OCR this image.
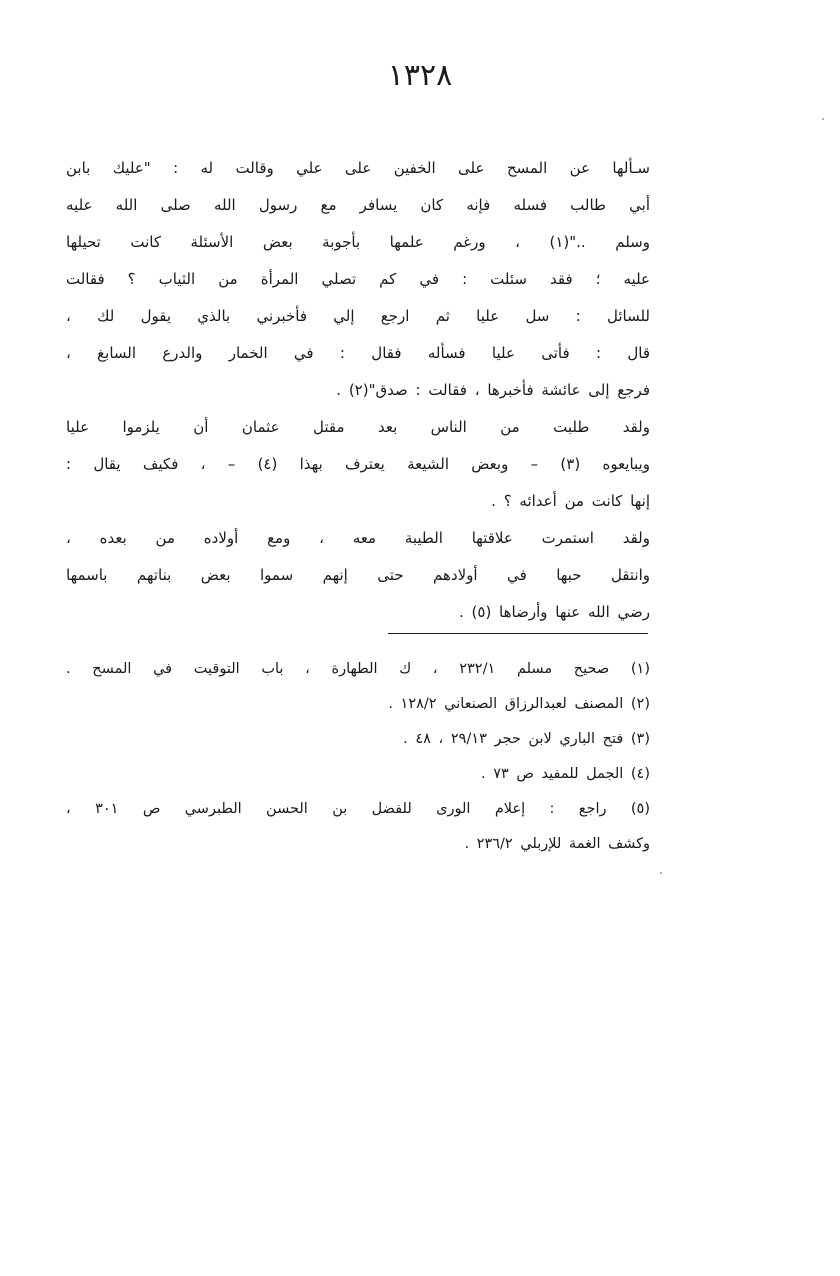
١٣٢٨
سـألها عن المسح على الخفين على علي وقالت له : "عليك بابن
أبي طالب فسله فإنه كان يسافر مع رسول الله صلى الله عليه
وسلم .."(١) ، ورغم علمها بأجوبة بعض الأسئلة كانت تحيلها
عليه ؛ فقد سئلت : في كم تصلي المرأة من الثياب ؟ فقالت
للسائل : سل عليا ثم ارجع إلي فأخبرني بالذي يقول لك ،
قال : فأتى عليا فسأله فقال : في الخمار والدرع السابغ ،
فرجع إلى عائشة فأخبرها ، فقالت : صدق"(٢) .
ولقد طلبت من الناس بعد مقتل عثمان أن يلزموا عليا
ويبايعوه (٣) – وبعض الشيعة يعترف بهذا (٤) – ، فكيف يقال :
إنها كانت من أعدائه ؟ .
ولقد استمرت علاقتها الطيبة معه ، ومع أولاده من بعده ،
وانتقل حبها في أولادهم حتى إنهم سموا بعض بناتهم باسمها
رضي الله عنها وأرضاها (٥) .
(١) صحيح مسلم ٢٣٢/١ ، ك الطهارة ، باب التوقيت في المسح .
(٢) المصنف لعبدالرزاق الصنعاني ١٢٨/٢ .
(٣) فتح الباري لابن حجر ٢٩/١٣ ، ٤٨ .
(٤) الجمل للمفيد ص ٧٣ .
(٥) راجع : إعلام الورى للفضل بن الحسن الطبرسي ص ٣٠١ ،
وكشف الغمة للإربلي ٢٣٦/٢ .
